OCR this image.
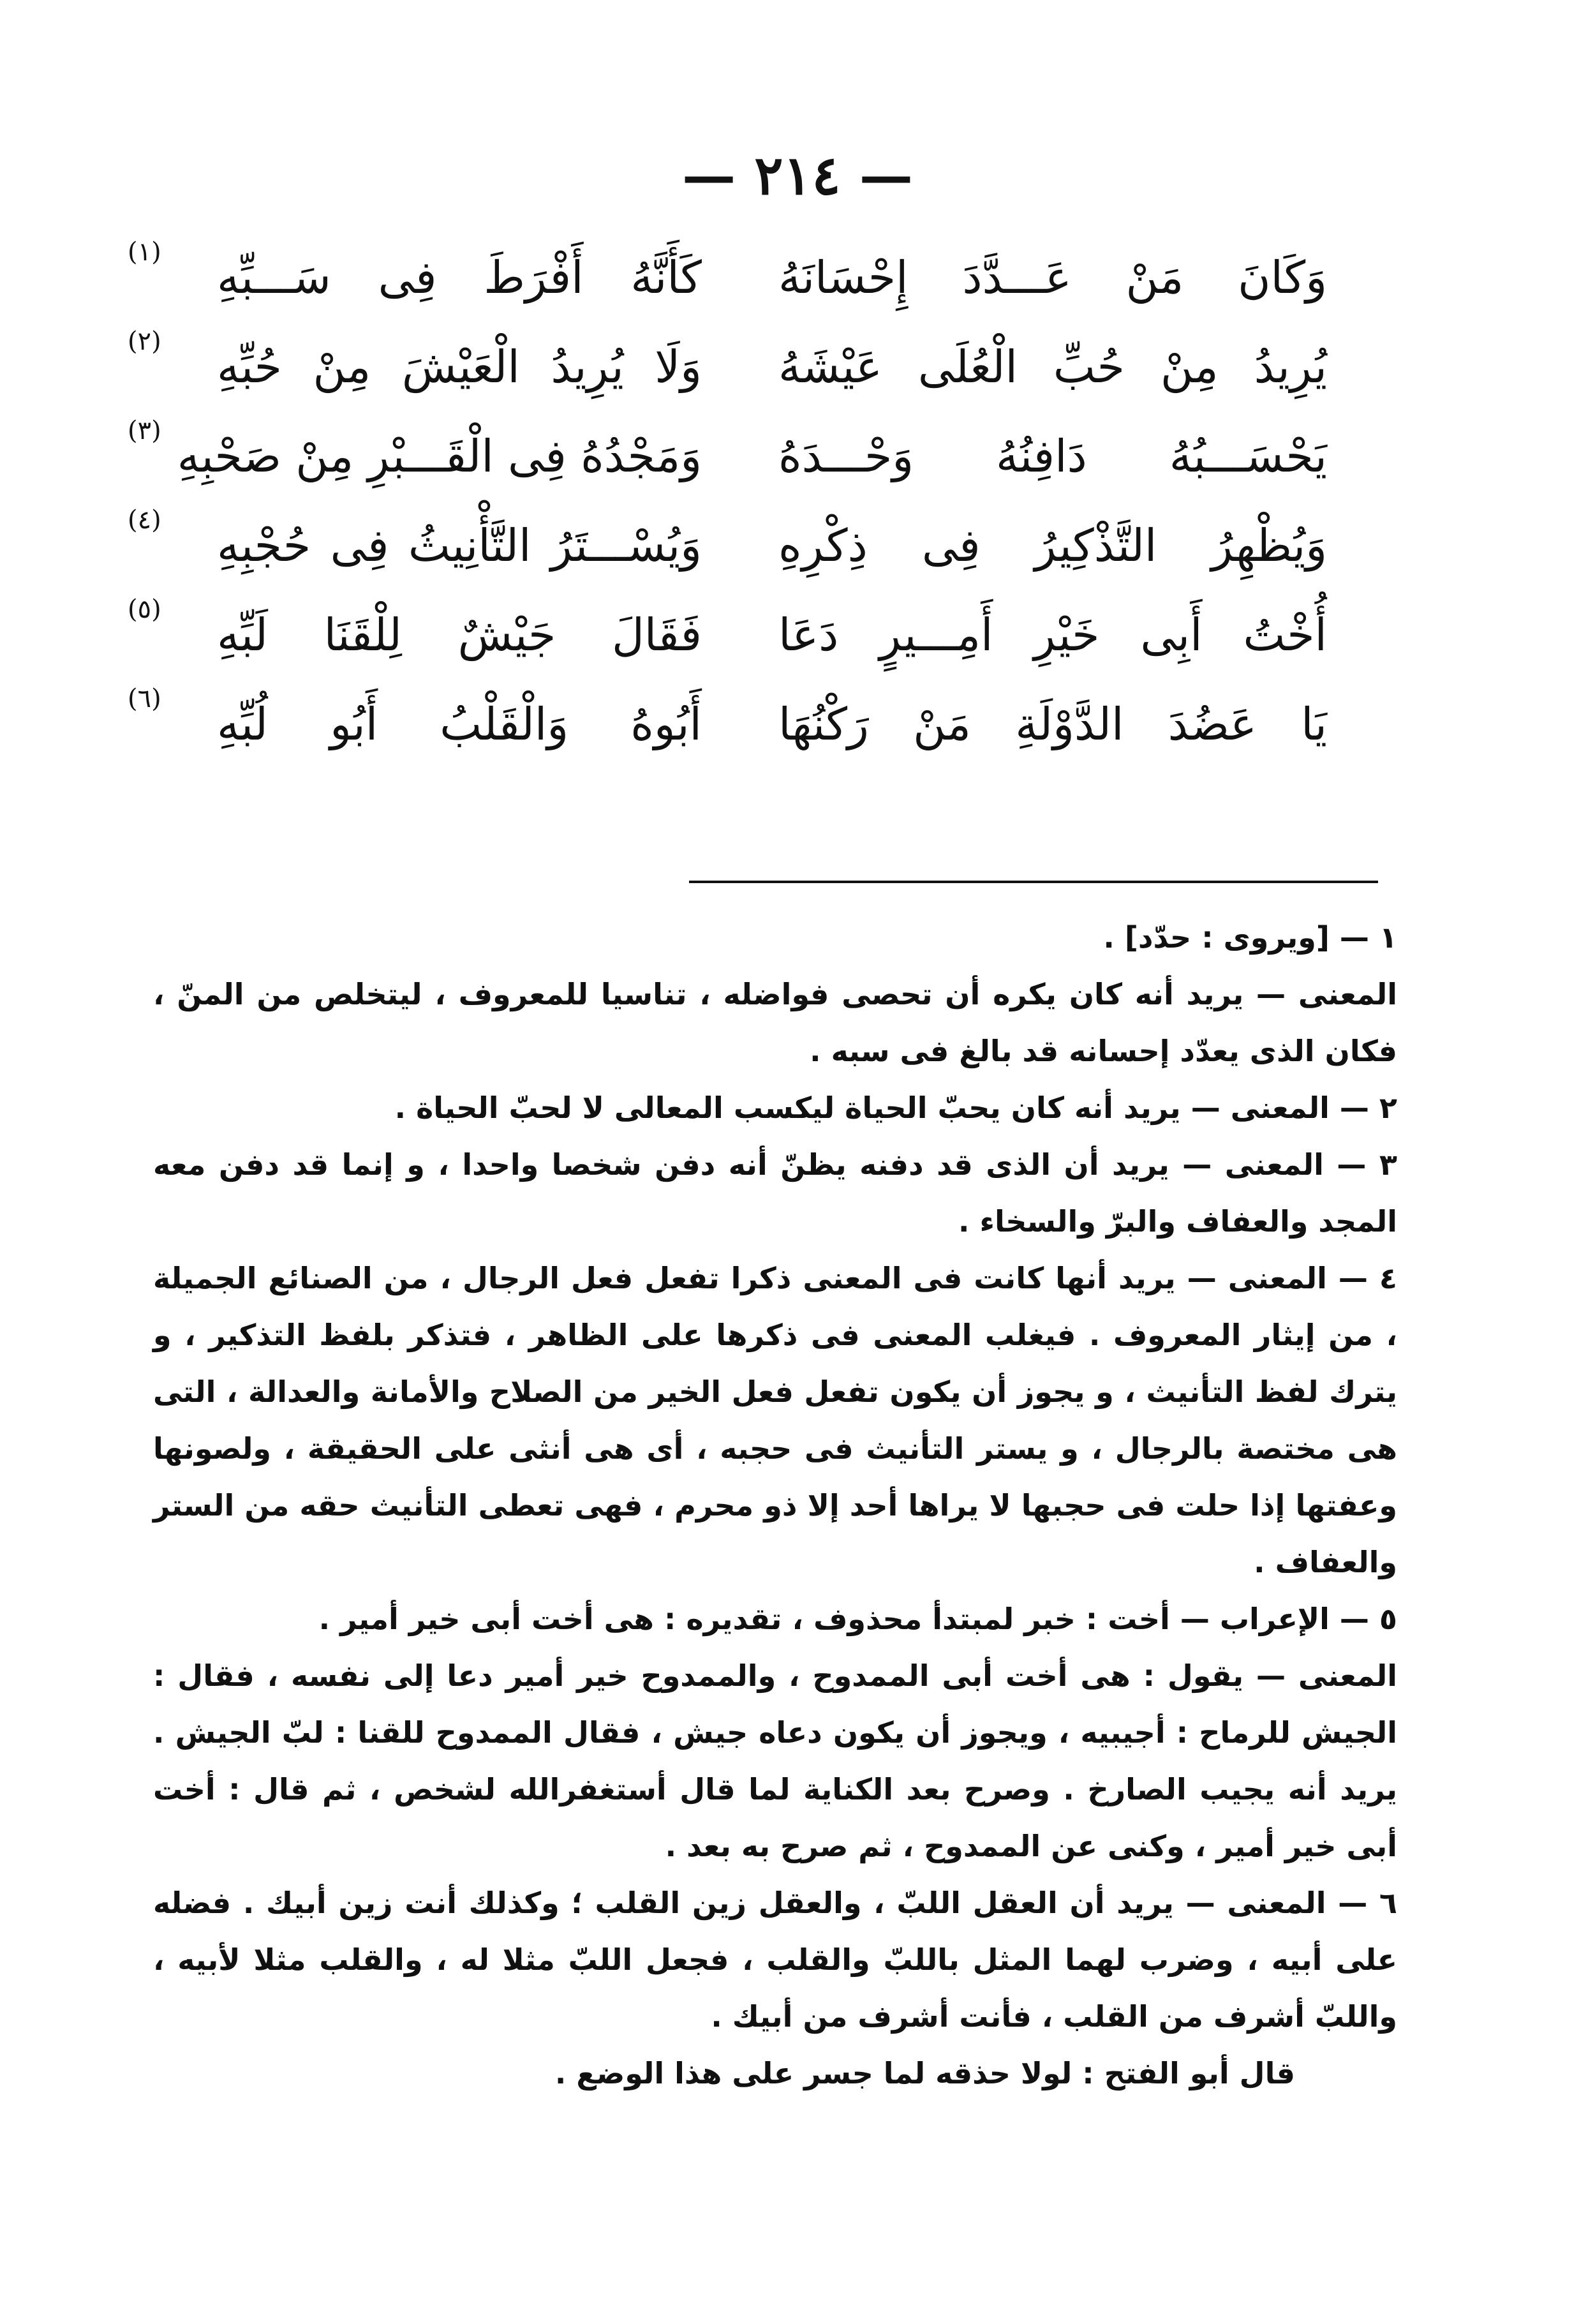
— ٢١٤ —
وَكَانَ مَنْ عَـــدَّدَ إِحْسَانَهُ
كَأَنَّهُ أَفْرَطَ فِى سَـــبِّهِ
(١)
يُرِيدُ مِنْ حُبِّ الْعُلَى عَيْشَهُ
وَلَا يُرِيدُ الْعَيْشَ مِنْ حُبِّهِ
(٢)
يَحْسَـــبُهُ دَافِنُهُ وَحْـــدَهُ
وَمَجْدُهُ فِى الْقَـــبْرِ مِنْ صَحْبِهِ
(٣)
وَيُظْهِرُ التَّذْكِيرُ فِى ذِكْرِهِ
وَيُسْـــتَرُ التَّأْنِيثُ فِى حُجْبِهِ
(٤)
أُخْتُ أَبِى خَيْرِ أَمِـــيرٍ دَعَا
فَقَالَ جَيْشٌ لِلْقَنَا لَبِّهِ
(٥)
يَا عَضُدَ الدَّوْلَةِ مَنْ رَكْنُهَا
أَبُوهُ وَالْقَلْبُ أَبُو لُبِّهِ
(٦)

١ — [ويروى : حدّد] .

المعنى — يريد أنه كان يكره أن تحصى فواضله ، تناسيا للمعروف ، ليتخلص من المنّ ، فكان الذى يعدّد إحسانه قد بالغ فى سبه .

٢ — المعنى — يريد أنه كان يحبّ الحياة ليكسب المعالى لا لحبّ الحياة .

٣ — المعنى — يريد أن الذى قد دفنه يظنّ أنه دفن شخصا واحدا ، و إنما قد دفن معه المجد والعفاف والبرّ والسخاء .

٤ — المعنى — يريد أنها كانت فى المعنى ذكرا تفعل فعل الرجال ، من الصنائع الجميلة ، من إيثار المعروف . فيغلب المعنى فى ذكرها على الظاهر ، فتذكر بلفظ التذكير ، و يترك لفظ التأنيث ، و يجوز أن يكون تفعل فعل الخير من الصلاح والأمانة والعدالة ، التى هى مختصة بالرجال ، و يستر التأنيث فى حجبه ، أى هى أنثى على الحقيقة ، ولصونها وعفتها إذا حلت فى حجبها لا يراها أحد إلا ذو محرم ، فهى تعطى التأنيث حقه من الستر والعفاف .

٥ — الإعراب — أخت : خبر لمبتدأ محذوف ، تقديره : هى أخت أبى خير أمير .

المعنى — يقول : هى أخت أبى الممدوح ، والممدوح خير أمير دعا إلى نفسه ، فقال : الجيش للرماح : أجيبيه ، ويجوز أن يكون دعاه جيش ، فقال الممدوح للقنا : لبّ الجيش . يريد أنه يجيب الصارخ . وصرح بعد الكناية لما قال أستغفرالله لشخص ، ثم قال : أخت أبى خير أمير ، وكنى عن الممدوح ، ثم صرح به بعد .

٦ — المعنى — يريد أن العقل اللبّ ، والعقل زين القلب ؛ وكذلك أنت زين أبيك . فضله على أبيه ، وضرب لهما المثل باللبّ والقلب ، فجعل اللبّ مثلا له ، والقلب مثلا لأبيه ، واللبّ أشرف من القلب ، فأنت أشرف من أبيك .

قال أبو الفتح : لولا حذقه لما جسر على هذا الوضع .
